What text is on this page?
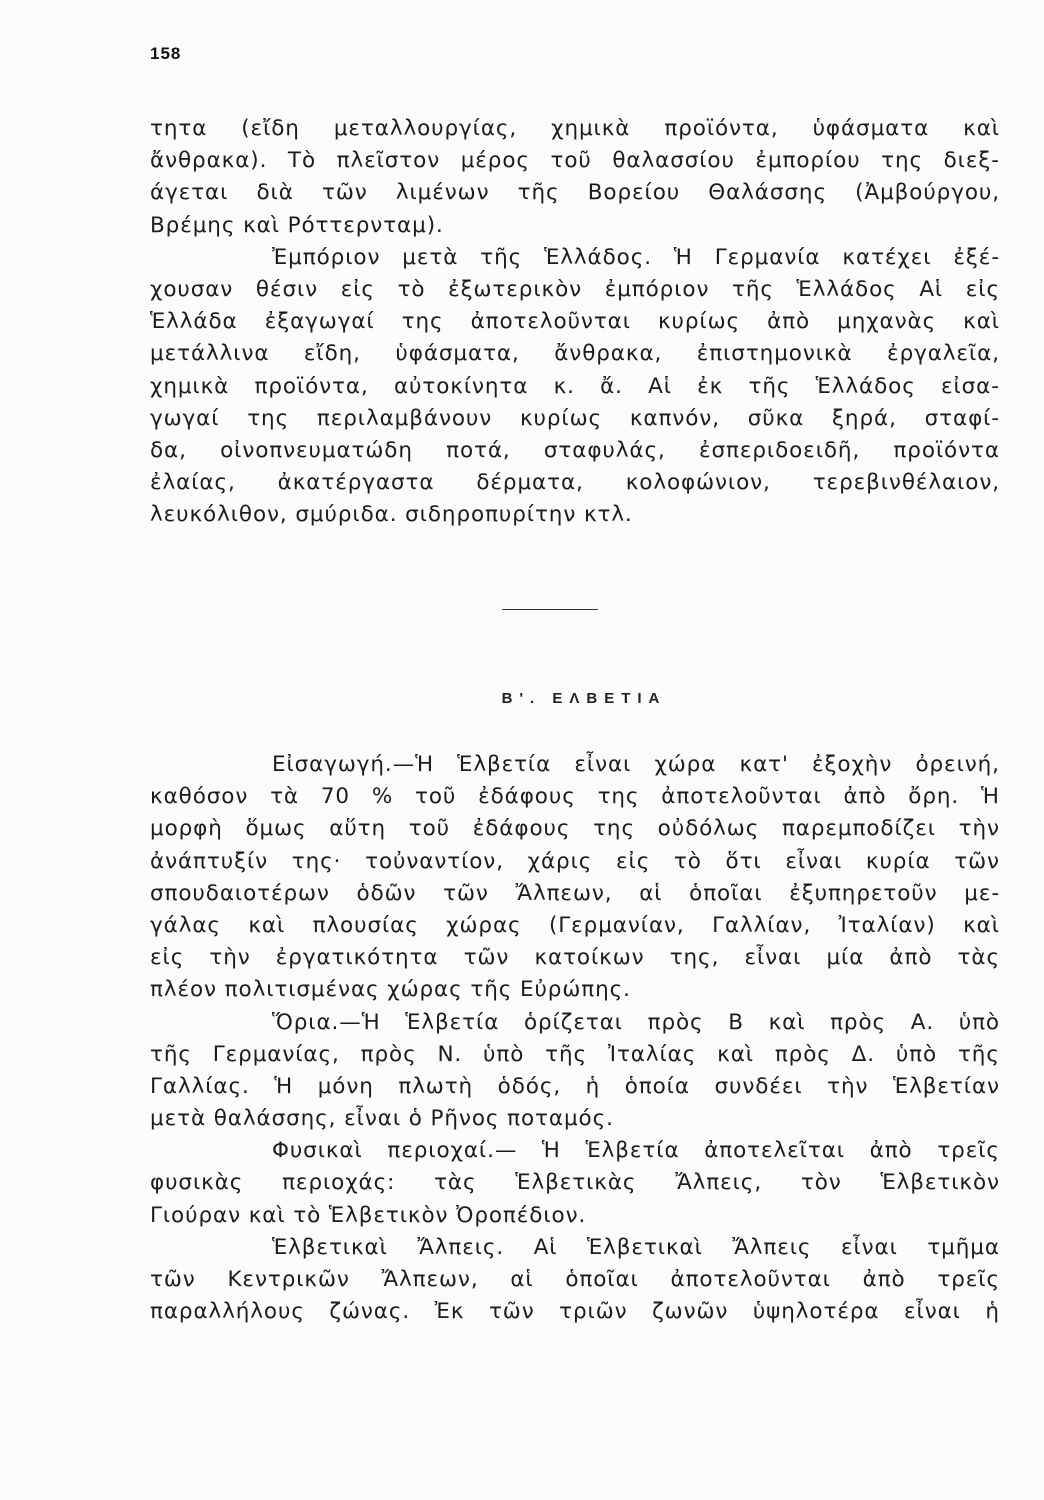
158
τητα (εἴδη μεταλλουργίας, χημικὰ προϊόντα, ὑφάσματα καὶ
ἄνθρακα). Τὸ πλεῖστον μέρος τοῦ θαλασσίου ἐμπορίου της διεξ-
άγεται διὰ τῶν λιμένων τῆς Βορείου Θαλάσσης (Ἀμβούργου,
Βρέμης καὶ Ρόττερνταμ).
Ἐμπόριον μετὰ τῆς Ἑλλάδος. Ἡ Γερμανία κατέχει ἐξέ-
χουσαν θέσιν εἰς τὸ ἐξωτερικὸν ἐμπόριον τῆς Ἑλλάδος Αἱ εἰς
Ἑλλάδα ἐξαγωγαί της ἀποτελοῦνται κυρίως ἀπὸ μηχανὰς καὶ
μετάλλινα εἴδη, ὑφάσματα, ἄνθρακα, ἐπιστημονικὰ ἐργαλεῖα,
χημικὰ προϊόντα, αὐτοκίνητα κ. ἄ. Αἱ ἐκ τῆς Ἑλλάδος εἰσα-
γωγαί της περιλαμβάνουν κυρίως καπνόν, σῦκα ξηρά, σταφί-
δα, οἰνοπνευματώδη ποτά, σταφυλάς, ἐσπεριδοειδῆ, προϊόντα
ἐλαίας, ἀκατέργαστα δέρματα, κολοφώνιον, τερεβινθέλαιον,
λευκόλιθον, σμύριδα. σιδηροπυρίτην κτλ.
Β'. ΕΛΒΕΤΙΑ
Εἰσαγωγή.—Ἡ Ἑλβετία εἶναι χώρα κατ' ἐξοχὴν ὀρεινή,
καθόσον τὰ 70 % τοῦ ἐδάφους της ἀποτελοῦνται ἀπὸ ὄρη. Ἡ
μορφὴ ὅμως αὕτη τοῦ ἐδάφους της οὐδόλως παρεμποδίζει τὴν
ἀνάπτυξίν της· τοὐναντίον, χάρις εἰς τὸ ὅτι εἶναι κυρία τῶν
σπουδαιοτέρων ὁδῶν τῶν Ἄλπεων, αἱ ὁποῖαι ἐξυπηρετοῦν με-
γάλας καὶ πλουσίας χώρας (Γερμανίαν, Γαλλίαν, Ἰταλίαν) καὶ
εἰς τὴν ἐργατικότητα τῶν κατοίκων της, εἶναι μία ἀπὸ τὰς
πλέον πολιτισμένας χώρας τῆς Εὐρώπης.
Ὅρια.—Ἡ Ἑλβετία ὁρίζεται πρὸς Β καὶ πρὸς Α. ὑπὸ
τῆς Γερμανίας, πρὸς Ν. ὑπὸ τῆς Ἰταλίας καὶ πρὸς Δ. ὑπὸ τῆς
Γαλλίας. Ἡ μόνη πλωτὴ ὁδός, ἡ ὁποία συνδέει τὴν Ἑλβετίαν
μετὰ θαλάσσης, εἶναι ὁ Ρῆνος ποταμός.
Φυσικαὶ περιοχαί.— Ἡ Ἑλβετία ἀποτελεῖται ἀπὸ τρεῖς
φυσικὰς περιοχάς: τὰς Ἑλβετικὰς Ἄλπεις, τὸν Ἑλβετικὸν
Γιούραν καὶ τὸ Ἑλβετικὸν Ὀροπέδιον.
Ἑλβετικαὶ Ἄλπεις. Αἱ Ἑλβετικαὶ Ἄλπεις εἶναι τμῆμα
τῶν Κεντρικῶν Ἄλπεων, αἱ ὁποῖαι ἀποτελοῦνται ἀπὸ τρεῖς
παραλλήλους ζώνας. Ἐκ τῶν τριῶν ζωνῶν ὑψηλοτέρα εἶναι ἡ
